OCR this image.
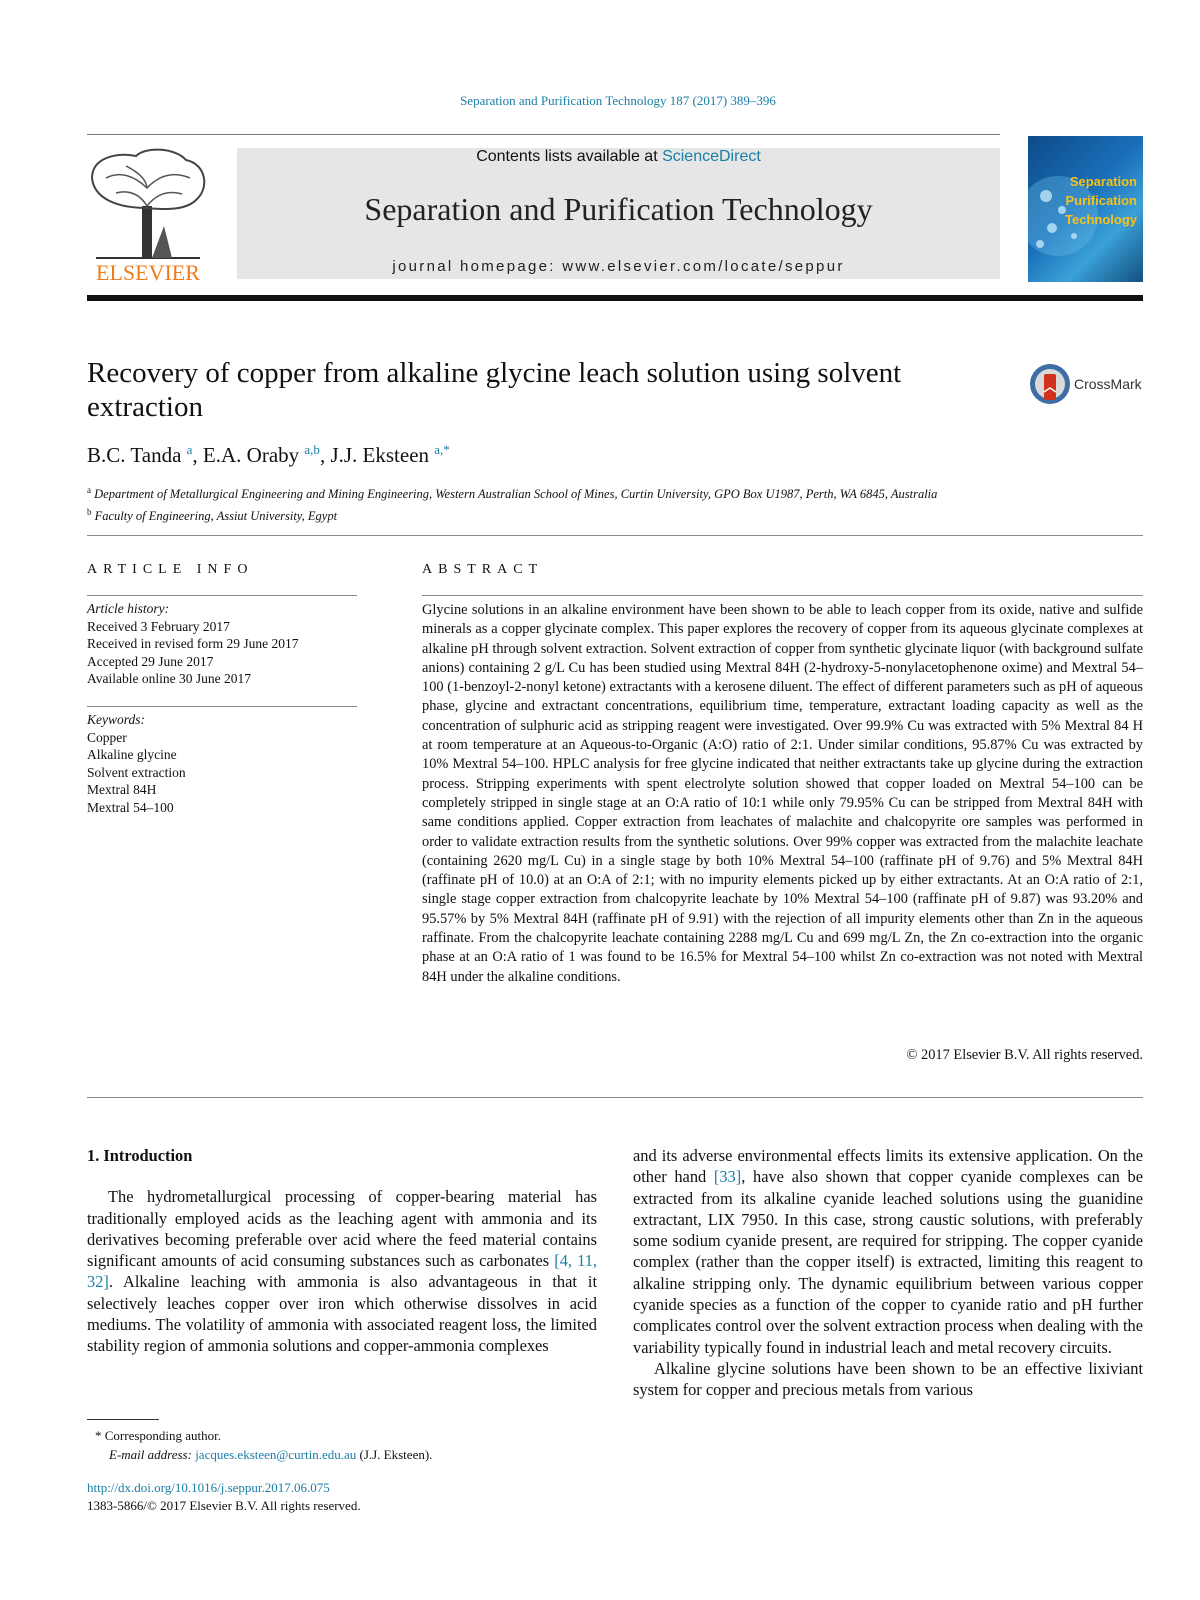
Separation and Purification Technology 187 (2017) 389–396
ELSEVIER
Contents lists available at ScienceDirect
Separation and Purification Technology
journal homepage: www.elsevier.com/locate/seppur
Separation
Purification
Technology
Recovery of copper from alkaline glycine leach solution using solvent extraction
CrossMark
B.C. Tanda $^a$, E.A. Oraby $^{a,b}$, J.J. Eksteen $^{a,*}$
$^a$ Department of Metallurgical Engineering and Mining Engineering, Western Australian School of Mines, Curtin University, GPO Box U1987, Perth, WA 6845, Australia
$^b$ Faculty of Engineering, Assiut University, Egypt
ARTICLE INFO	ABSTRACT
Article history:
Received 3 February 2017
Received in revised form 29 June 2017
Accepted 29 June 2017
Available online 30 June 2017
Keywords:
Copper
Alkaline glycine
Solvent extraction
Mextral 84H
Mextral 54–100
Glycine solutions in an alkaline environment have been shown to be able to leach copper from its oxide, native and sulfide minerals as a copper glycinate complex. This paper explores the recovery of copper from its aqueous glycinate complexes at alkaline pH through solvent extraction. Solvent extraction of copper from synthetic glycinate liquor (with background sulfate anions) containing 2 g/L Cu has been studied using Mextral 84H (2-hydroxy-5-nonylacetophenone oxime) and Mextral 54–100 (1-benzoyl-2-nonyl ketone) extractants with a kerosene diluent. The effect of different parameters such as pH of aqueous phase, glycine and extractant concentrations, equilibrium time, temperature, extractant loading capacity as well as the concentration of sulphuric acid as stripping reagent were investigated. Over 99.9% Cu was extracted with 5% Mextral 84 H at room temperature at an Aqueous-to-Organic (A:O) ratio of 2:1. Under similar conditions, 95.87% Cu was extracted by 10% Mextral 54–100. HPLC analysis for free glycine indicated that neither extractants take up glycine during the extraction process. Stripping experiments with spent electrolyte solution showed that copper loaded on Mextral 54–100 can be completely stripped in single stage at an O:A ratio of 10:1 while only 79.95% Cu can be stripped from Mextral 84H with same conditions applied. Copper extraction from leachates of malachite and chalcopyrite ore samples was performed in order to validate extraction results from the synthetic solutions. Over 99% copper was extracted from the malachite leachate (containing 2620 mg/L Cu) in a single stage by both 10% Mextral 54–100 (raffinate pH of 9.76) and 5% Mextral 84H (raffinate pH of 10.0) at an O:A of 2:1; with no impurity elements picked up by either extractants. At an O:A ratio of 2:1, single stage copper extraction from chalcopyrite leachate by 10% Mextral 54–100 (raffinate pH of 9.87) was 93.20% and 95.57% by 5% Mextral 84H (raffinate pH of 9.91) with the rejection of all impurity elements other than Zn in the aqueous raffinate. From the chalcopyrite leachate containing 2288 mg/L Cu and 699 mg/L Zn, the Zn co-extraction into the organic phase at an O:A ratio of 1 was found to be 16.5% for Mextral 54–100 whilst Zn co-extraction was not noted with Mextral 84H under the alkaline conditions.
© 2017 Elsevier B.V. All rights reserved.
1. Introduction

The hydrometallurgical processing of copper-bearing material has traditionally employed acids as the leaching agent with ammonia and its derivatives becoming preferable over acid where the feed material contains significant amounts of acid consuming substances such as carbonates [4, 11, 32]. Alkaline leaching with ammonia is also advantageous in that it selectively leaches copper over iron which otherwise dissolves in acid mediums. The volatility of ammonia with associated reagent loss, the limited stability region of ammonia solutions and copper-ammonia complexes

and its adverse environmental effects limits its extensive application. On the other hand [33], have also shown that copper cyanide complexes can be extracted from its alkaline cyanide leached solutions using the guanidine extractant, LIX 7950. In this case, strong caustic solutions, with preferably some sodium cyanide present, are required for stripping. The copper cyanide complex (rather than the copper itself) is extracted, limiting this reagent to alkaline stripping only. The dynamic equilibrium between various copper cyanide species as a function of the copper to cyanide ratio and pH further complicates control over the solvent extraction process when dealing with the variability typically found in industrial leach and metal recovery circuits.

Alkaline glycine solutions have been shown to be an effective lixiviant system for copper and precious metals from various

* Corresponding author.
E-mail address: jacques.eksteen@curtin.edu.au (J.J. Eksteen).
http://dx.doi.org/10.1016/j.seppur.2017.06.075
1383-5866/© 2017 Elsevier B.V. All rights reserved.
